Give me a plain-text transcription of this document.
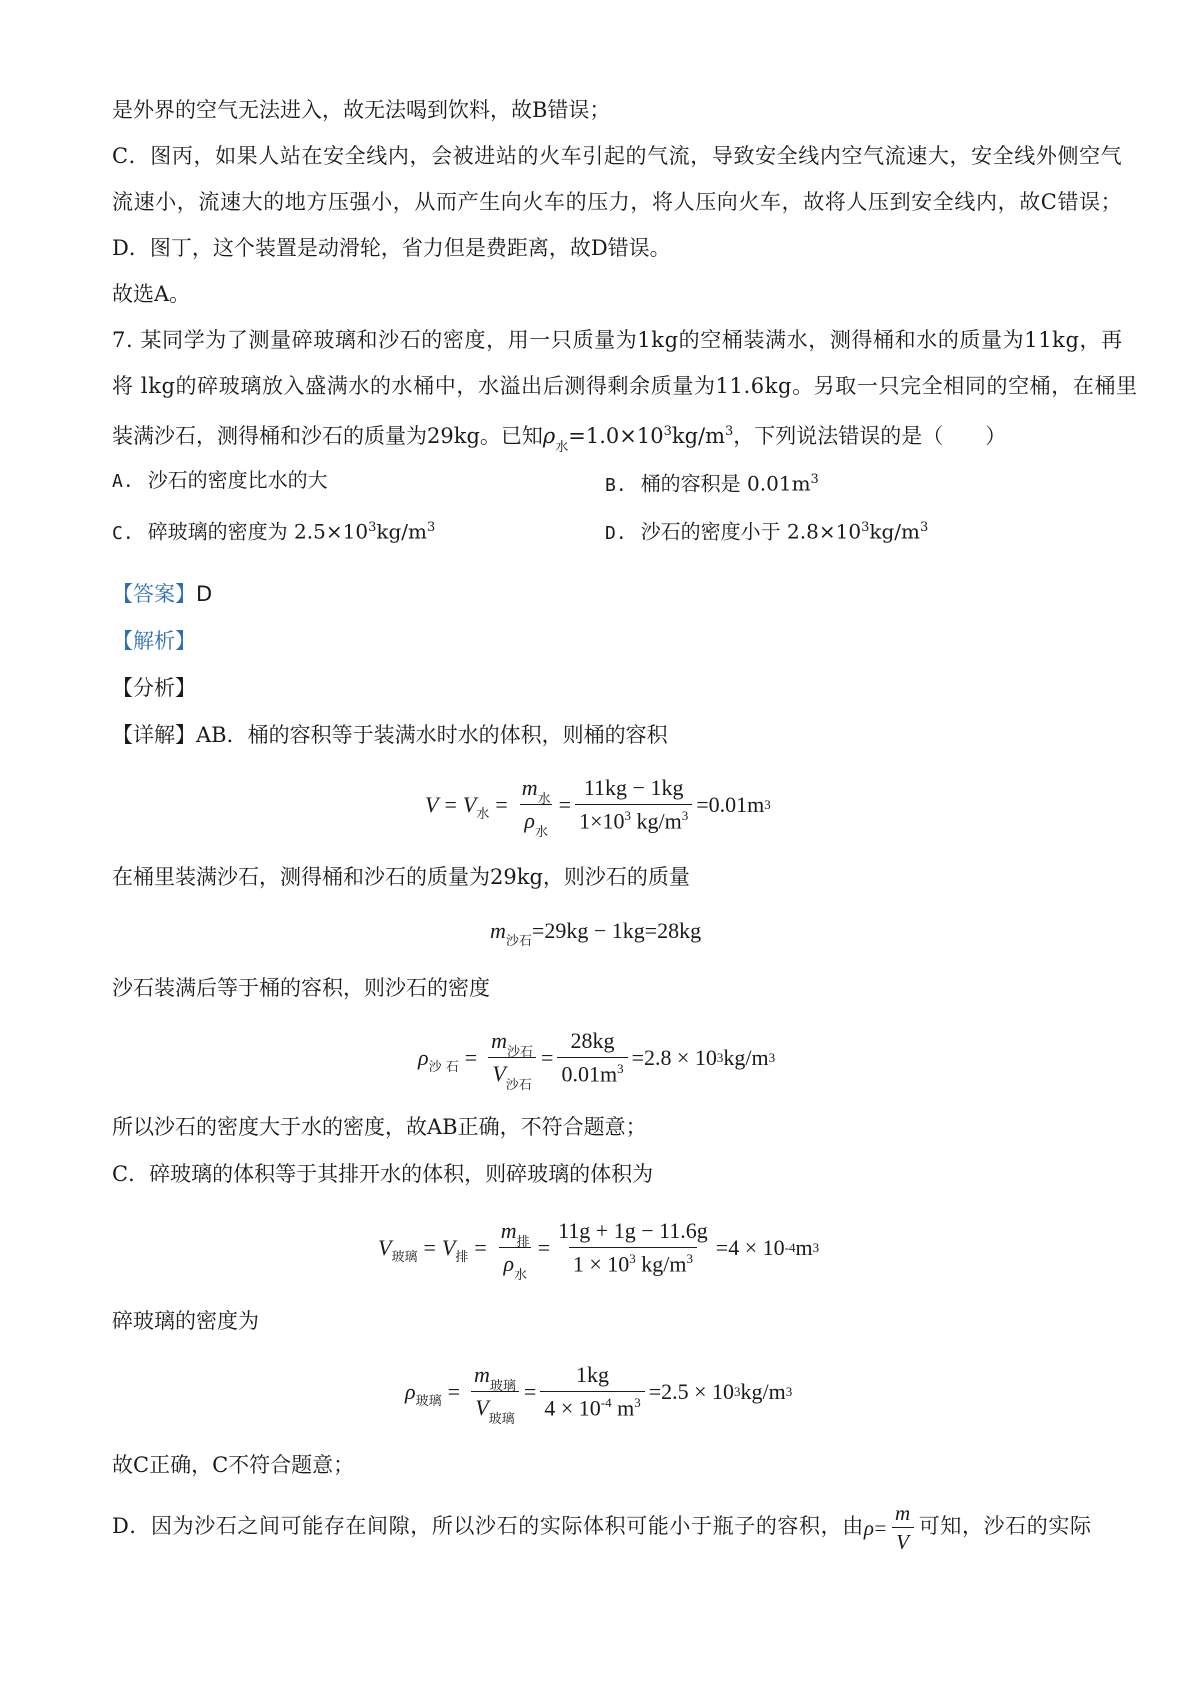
是外界的空气无法进入，故无法喝到饮料，故B错误；
C．图丙，如果人站在安全线内，会被进站的火车引起的气流，导致安全线内空气流速大，安全线外侧空气
流速小，流速大的地方压强小，从而产生向火车的压力，将人压向火车，故将人压到安全线内，故C错误；
D．图丁，这个装置是动滑轮，省力但是费距离，故D错误。
故选A。
7. 某同学为了测量碎玻璃和沙石的密度，用一只质量为1kg的空桶装满水，测得桶和水的质量为11kg，再
将 lkg的碎玻璃放入盛满水的水桶中，水溢出后测得剩余质量为11.6kg。另取一只完全相同的空桶，在桶里
装满沙石，测得桶和沙石的质量为29kg。已知$\rho_水=1.0\times 10^3kg/m^3$，下列说法错误的是（　　）
A. 沙石的密度比水的大	B. 桶的容积是 $0.01m^3$
C. 碎玻璃的密度为 $2.5\times 10^3kg/m^3$	D. 沙石的密度小于 $2.8\times 10^3kg/m^3$
【答案】D
【解析】
【分析】
【详解】AB．桶的容积等于装满水时水的体积，则桶的容积
V = V 水 = $\frac{m_水}{\rho_水} = \frac{11kg - 1kg}{1\times 10^3 kg/m^3} =0.01m$ 3
在桶里装满沙石，测得桶和沙石的质量为29kg，则沙石的质量
m 沙石 =29kg − 1kg=28kg
沙石装满后等于桶的容积，则沙石的密度
ρ 沙 石 = $\frac{m_{沙石}}{V_{沙石}} = \frac{28kg}{0.01m^3} =2.8 \times 10$ 3 kg/m 3
所以沙石的密度大于水的密度，故AB正确，不符合题意；
C．碎玻璃的体积等于其排开水的体积，则碎玻璃的体积为
V 玻璃 = V 排 = $\frac{m_排}{\rho_水} = \frac{11g + 1g - 11.6g}{1 \times 10^3 kg/m^3} =4 \times 10$ -4 m 3
碎玻璃的密度为
ρ 玻璃 = $\frac{m_{玻璃}}{V_{玻璃}} = \frac{1kg}{4 \times 10^{-4} m^3} =2.5 \times 10$ 3 kg/m 3
故C正确，C不符合题意；
D．因为沙石之间可能存在间隙，所以沙石的实际体积可能小于瓶子的容积，由 $\rho = \frac{m}{V}$ 可知，沙石的实际
